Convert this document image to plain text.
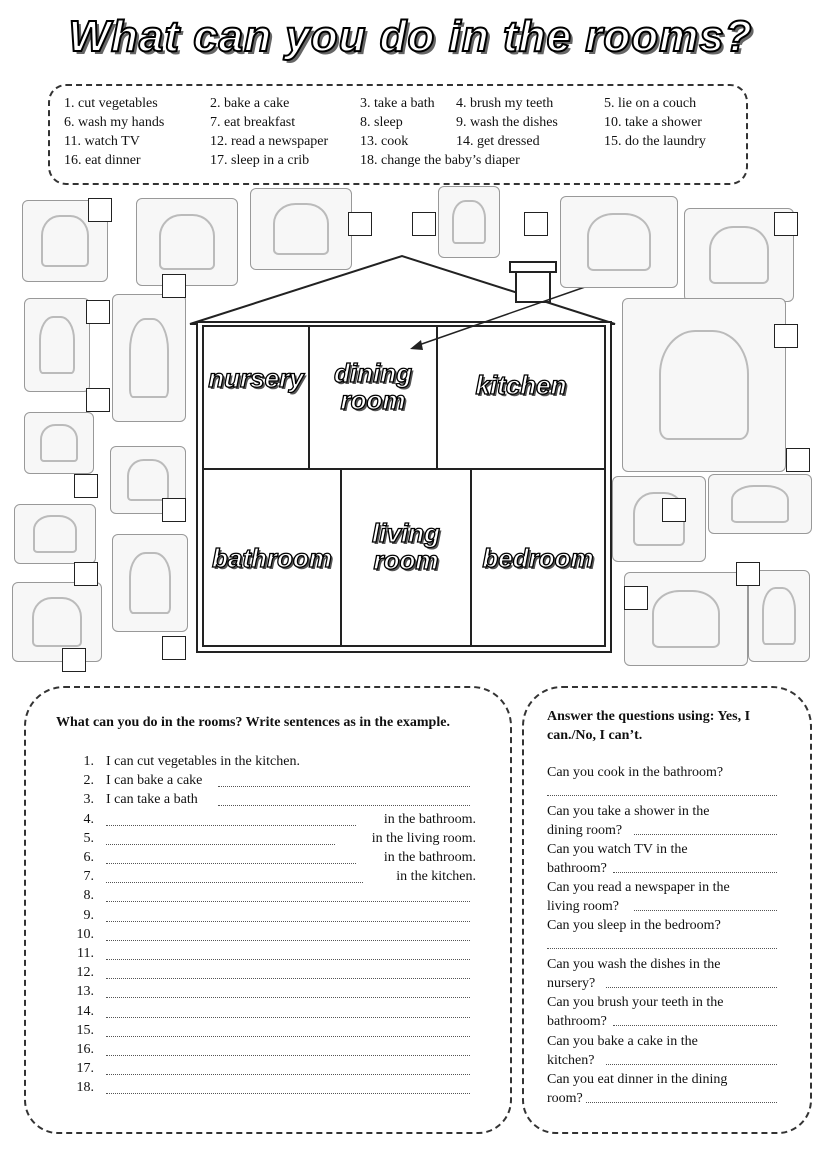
What can you do in the rooms?
1. cut vegetables	2. bake a cake	3. take a bath 4. brush my teeth	5. lie on a couch
6. wash my hands	7. eat breakfast	8. sleep	9. wash the dishes	10. take a shower
11. watch TV	12. read a newspaper 13. cook	14. get dressed	15. do the laundry
16. eat dinner	17. sleep in a crib	18. change the baby’s diaper
nursery	dining room
kitchen
bathroom
living room	bedroom
What can you do in the rooms? Write sentences as in the example.
1. I can cut vegetables in the kitchen.
2. I can bake a cake
3. I can take a bath
4.	in the bathroom.
5.	in the living room.
6.	in the bathroom.
7.	in the kitchen.
8.
9.
10.
11.
12.
13.
14.
15.
16.
17.
18.
Answer the questions using: Yes, I can./No, I can’t.
Can you cook in the bathroom?
Can you take a shower in the
dining room?
Can you watch TV in the
bathroom?
Can you read a newspaper in the
living room?
Can you sleep in the bedroom?
Can you wash the dishes in the
nursery?
Can you brush your teeth in the
bathroom?
Can you bake a cake in the
kitchen?
Can you eat dinner in the dining
room?
